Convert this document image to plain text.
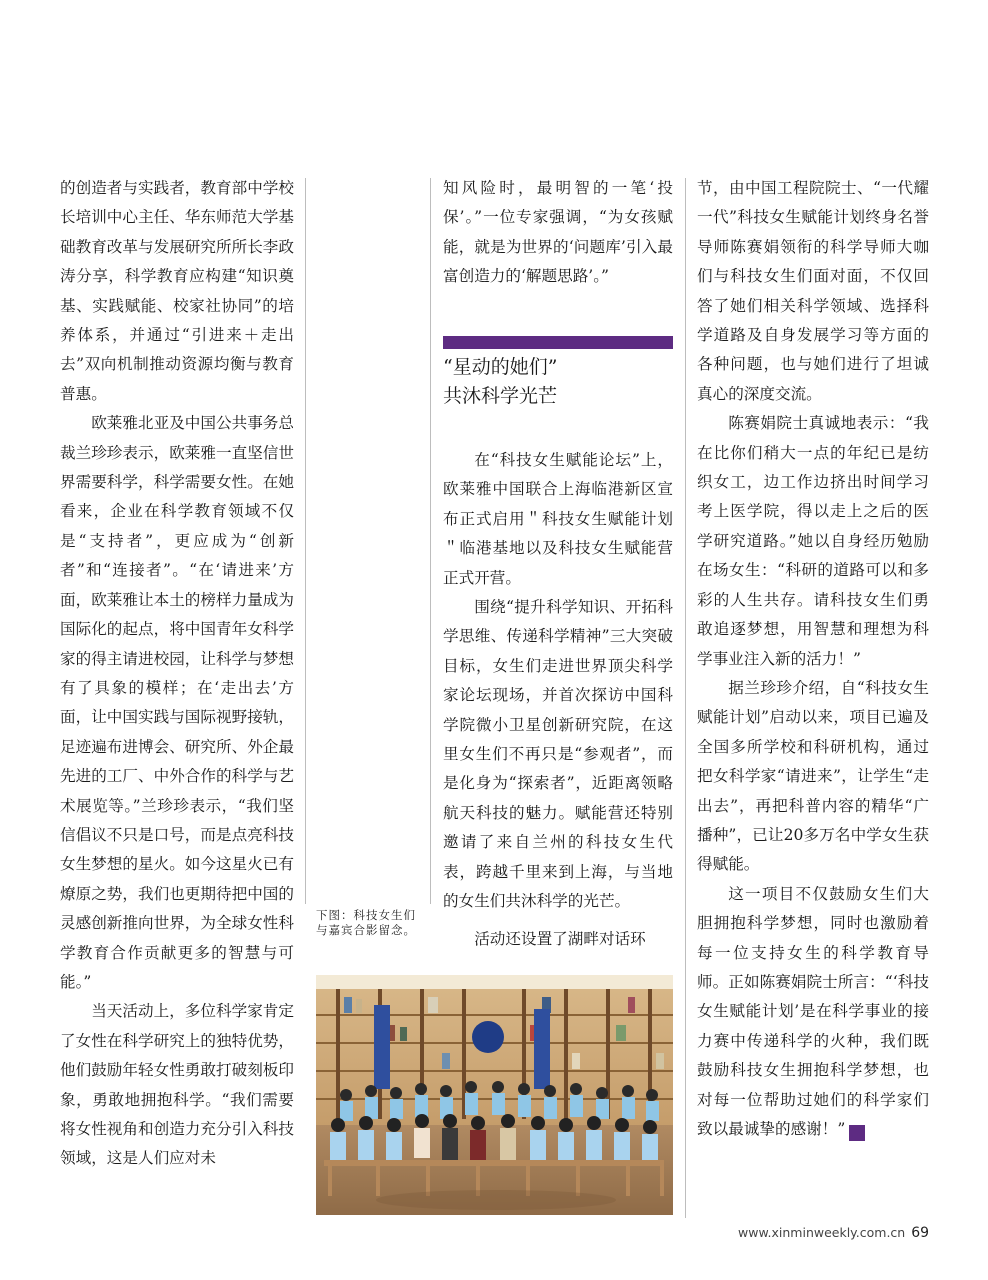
的创造者与实践者，教育部中学校长培训中心主任、华东师范大学基础教育改革与发展研究所所长李政涛分享，科学教育应构建“知识奠基、实践赋能、校家社协同”的培养体系，并通过“引进来＋走出去”双向机制推动资源均衡与教育普惠。

欧莱雅北亚及中国公共事务总裁兰珍珍表示，欧莱雅一直坚信世界需要科学，科学需要女性。在她看来，企业在科学教育领域不仅是“支持者”，更应成为“创新者”和“连接者”。“在‘请进来’方面，欧莱雅让本土的榜样力量成为国际化的起点，将中国青年女科学家的得主请进校园，让科学与梦想有了具象的模样；在‘走出去’方面，让中国实践与国际视野接轨，足迹遍布进博会、研究所、外企最先进的工厂、中外合作的科学与艺术展览等。”兰珍珍表示，“我们坚信倡议不只是口号，而是点亮科技女生梦想的星火。如今这星火已有燎原之势，我们也更期待把中国的灵感创新推向世界，为全球女性科学教育合作贡献更多的智慧与可能。”

当天活动上，多位科学家肯定了女性在科学研究上的独特优势，他们鼓励年轻女性勇敢打破刻板印象，勇敢地拥抱科学。“我们需要将女性视角和创造力充分引入科技领域，这是人们应对未

知风险时，最明智的一笔‘投保’。”一位专家强调，“为女孩赋能，就是为世界的‘问题库’引入最富创造力的‘解题思路’。”

“星动的她们”
共沐科学光芒

在“科技女生赋能论坛”上，欧莱雅中国联合上海临港新区宣布正式启用＂科技女生赋能计划＂临港基地以及科技女生赋能营正式开营。

围绕“提升科学知识、开拓科学思维、传递科学精神”三大突破目标，女生们走进世界顶尖科学家论坛现场，并首次探访中国科学院微小卫星创新研究院，在这里女生们不再只是“参观者”，而是化身为“探索者”，近距离领略航天科技的魅力。赋能营还特别邀请了来自兰州的科技女生代表，跨越千里来到上海，与当地的女生们共沐科学的光芒。

活动还设置了湖畔对话环

节，由中国工程院院士、“一代耀一代”科技女生赋能计划终身名誉导师陈赛娟领衔的科学导师大咖们与科技女生们面对面，不仅回答了她们相关科学领域、选择科学道路及自身发展学习等方面的各种问题，也与她们进行了坦诚真心的深度交流。

陈赛娟院士真诚地表示：“我在比你们稍大一点的年纪已是纺织女工，边工作边挤出时间学习考上医学院，得以走上之后的医学研究道路。”她以自身经历勉励在场女生：“科研的道路可以和多彩的人生共存。请科技女生们勇敢追逐梦想，用智慧和理想为科学事业注入新的活力！”

据兰珍珍介绍，自“科技女生赋能计划”启动以来，项目已遍及全国多所学校和科研机构，通过把女科学家“请进来”，让学生“走出去”，再把科普内容的精华“广播种”，已让20多万名中学女生获得赋能。

这一项目不仅鼓励女生们大胆拥抱科学梦想，同时也激励着每一位支持女生的科学教育导师。正如陈赛娟院士所言：“‘科技女生赋能计划’是在科学事业的接力赛中传递科学的火种，我们既鼓励科技女生拥抱科学梦想，也对每一位帮助过她们的科学家们致以最诚挚的感谢！”	民

下图：科技女生们与嘉宾合影留念。
www.xinminweekly.com.cn 69
